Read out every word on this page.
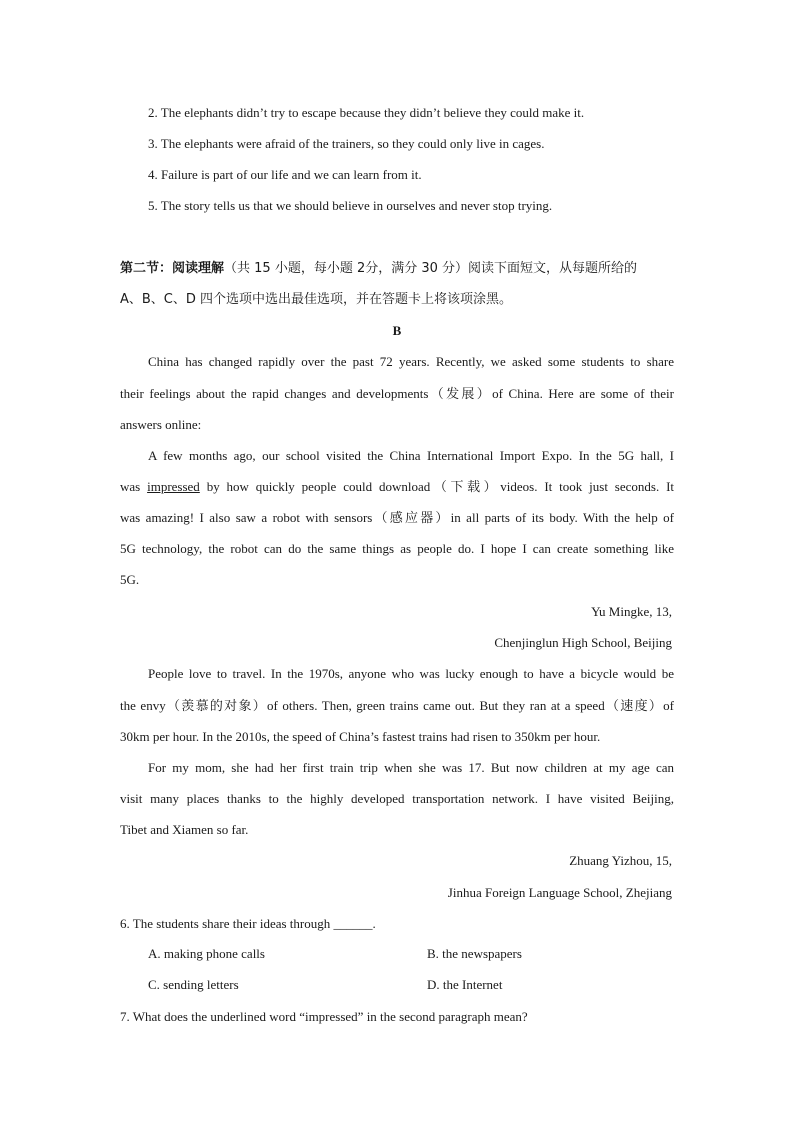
2. The elephants didn’t try to escape because they didn’t believe they could make it.
3. The elephants were afraid of the trainers, so they could only live in cages.
4. Failure is part of our life and we can learn from it.
5. The story tells us that we should believe in ourselves and never stop trying.
第二节：阅读理解（共 15 小题，每小题 2分，满分 30 分）阅读下面短文，从每题所给的
A、B、C、D 四个选项中选出最佳选项，并在答题卡上将该项涂黑。
B
China has changed rapidly over the past 72 years. Recently, we asked some students to share
their feelings about the rapid changes and developments（发展）of China. Here are some of their
answers online:
A few months ago, our school visited the China International Import Expo. In the 5G hall, I
was impressed by how quickly people could download（下载）videos. It took just seconds. It
was amazing! I also saw a robot with sensors（感应器）in all parts of its body. With the help of
5G technology, the robot can do the same things as people do. I hope I can create something like
5G.
Yu Mingke, 13,
Chenjinglun High School, Beijing
People love to travel. In the 1970s, anyone who was lucky enough to have a bicycle would be
the envy（羡慕的对象）of others. Then, green trains came out. But they ran at a speed（速度）of
30km per hour. In the 2010s, the speed of China’s fastest trains had risen to 350km per hour.
For my mom, she had her first train trip when she was 17. But now children at my age can
visit many places thanks to the highly developed transportation network. I have visited Beijing,
Tibet and Xiamen so far.
Zhuang Yizhou, 15,
Jinhua Foreign Language School, Zhejiang
6. The students share their ideas through ______.
A. making phone calls	B. the newspapers
C. sending letters	D. the Internet
7. What does the underlined word “impressed” in the second paragraph mean?
